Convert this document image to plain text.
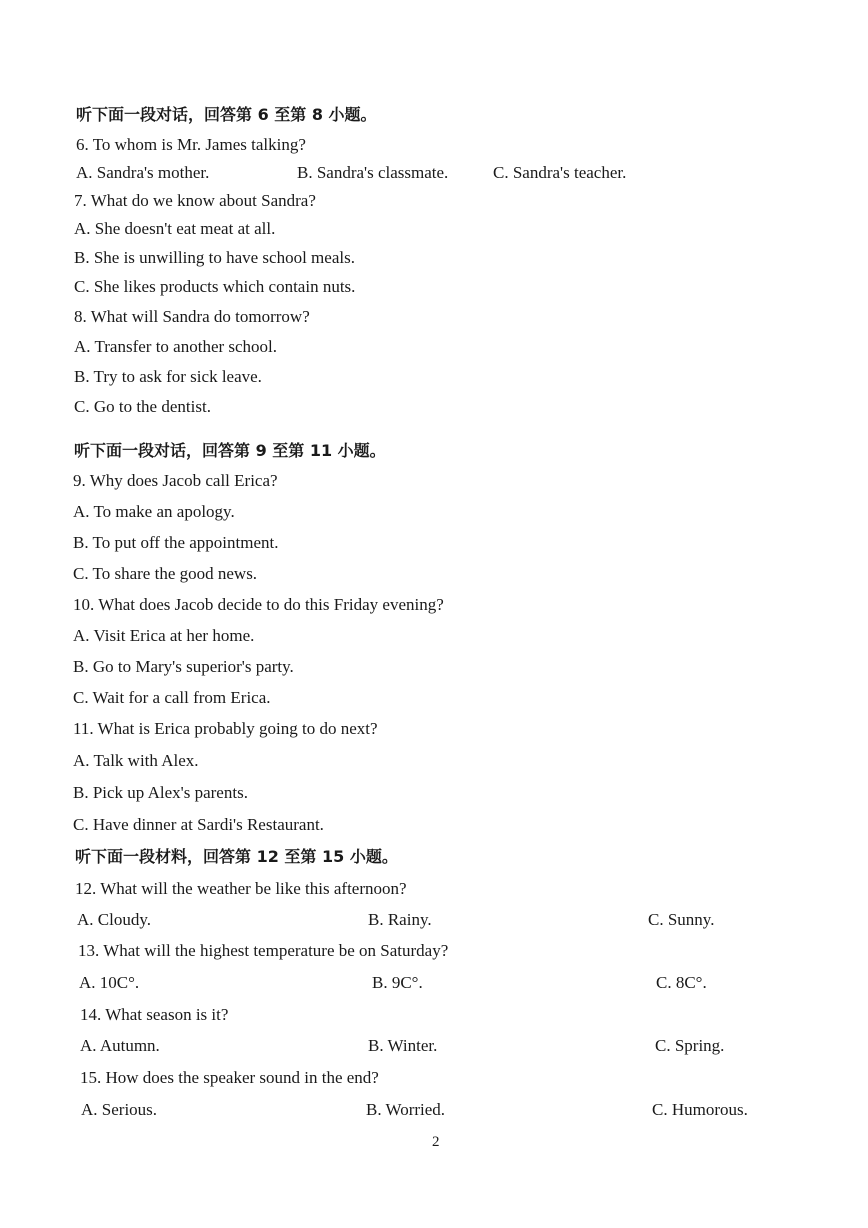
听下面一段对话，回答第 6 至第 8 小题。
6. To whom is Mr. James talking?
A. Sandra's mother.	B. Sandra's classmate.	C. Sandra's teacher.
7. What do we know about Sandra?
A. She doesn't eat meat at all.
B. She is unwilling to have school meals.
C. She likes products which contain nuts.
8. What will Sandra do tomorrow?
A. Transfer to another school.
B. Try to ask for sick leave.
C. Go to the dentist.
听下面一段对话，回答第 9 至第 11 小题。
9. Why does Jacob call Erica?
A. To make an apology.
B. To put off the appointment.
C. To share the good news.
10. What does Jacob decide to do this Friday evening?
A. Visit Erica at her home.
B. Go to Mary's superior's party.
C. Wait for a call from Erica.
11. What is Erica probably going to do next?
A. Talk with Alex.
B. Pick up Alex's parents.
C. Have dinner at Sardi's Restaurant.
听下面一段材料，回答第 12 至第 15 小题。
12. What will the weather be like this afternoon?
A. Cloudy.	B. Rainy.	C. Sunny.
13. What will the highest temperature be on Saturday?
A. 10C°.	B. 9C°.	C. 8C°.
14. What season is it?
A. Autumn.	B. Winter.	C. Spring.
15. How does the speaker sound in the end?
A. Serious.	B. Worried.	C. Humorous.
2
